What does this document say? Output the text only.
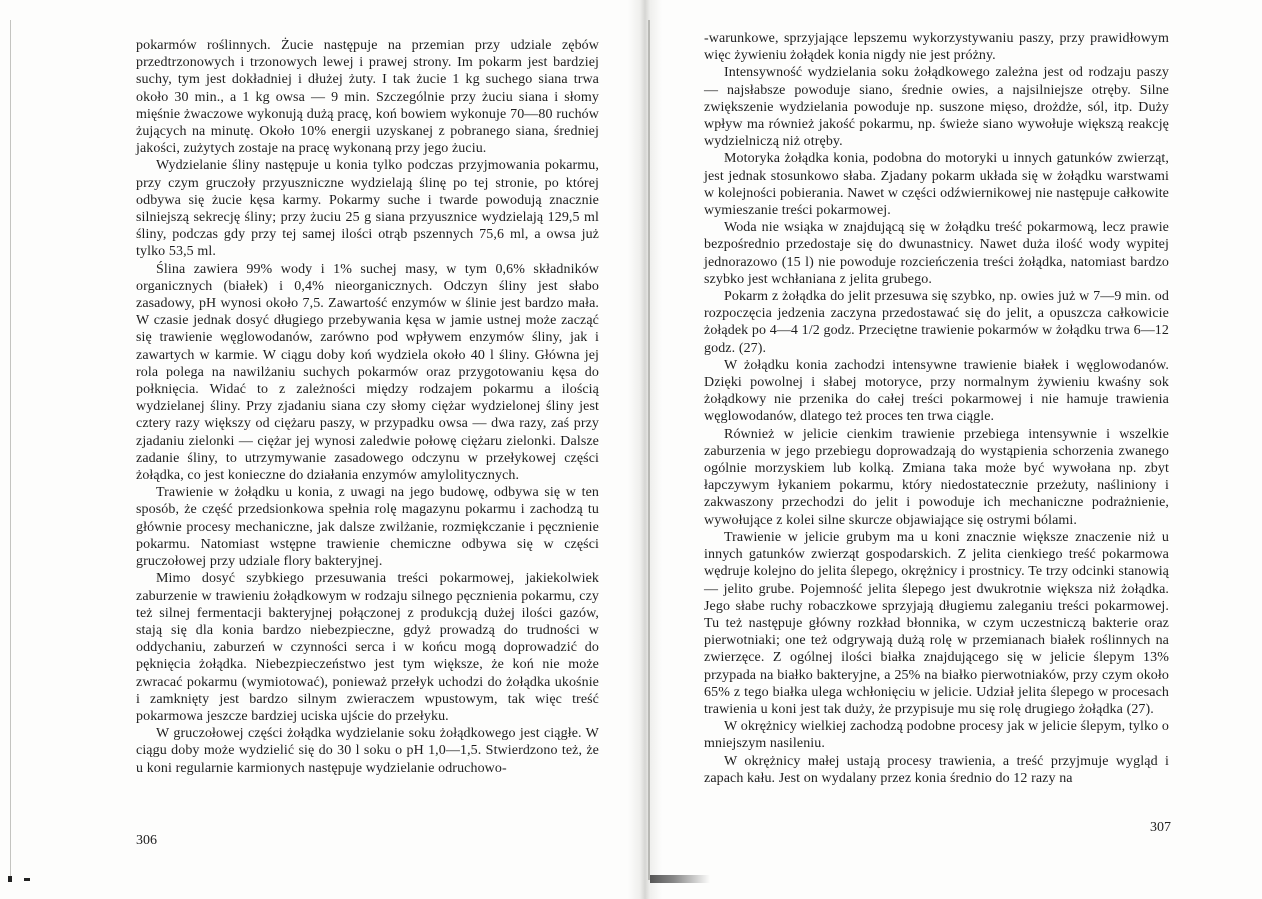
pokarmów roślinnych. Żucie następuje na przemian przy udziale zębów przedtrzonowych i trzonowych lewej i prawej strony. Im pokarm jest bardziej suchy, tym jest dokładniej i dłużej żuty. I tak żucie 1 kg suchego siana trwa około 30 min., a 1 kg owsa — 9 min. Szczególnie przy żuciu siana i słomy mięśnie żwaczowe wykonują dużą pracę, koń bowiem wykonuje 70—80 ruchów żujących na minutę. Około 10% energii uzyskanej z pobranego siana, średniej jakości, zużytych zostaje na pracę wykonaną przy jego żuciu.

Wydzielanie śliny następuje u konia tylko podczas przyjmowania pokarmu, przy czym gruczoły przyuszniczne wydzielają ślinę po tej stronie, po której odbywa się żucie kęsa karmy. Pokarmy suche i twarde powodują znacznie silniejszą sekrecję śliny; przy żuciu 25 g siana przyusznice wydzielają 129,5 ml śliny, podczas gdy przy tej samej ilości otrąb pszennych 75,6 ml, a owsa już tylko 53,5 ml.

Ślina zawiera 99% wody i 1% suchej masy, w tym 0,6% składników organicznych (białek) i 0,4% nieorganicznych. Odczyn śliny jest słabo zasadowy, pH wynosi około 7,5. Zawartość enzymów w ślinie jest bardzo mała. W czasie jednak dosyć długiego przebywania kęsa w jamie ustnej może zacząć się trawienie węglowodanów, zarówno pod wpływem enzymów śliny, jak i zawartych w karmie. W ciągu doby koń wydziela około 40 l śliny. Główna jej rola polega na nawilżaniu suchych pokarmów oraz przygotowaniu kęsa do połknięcia. Widać to z zależności między rodzajem pokarmu a ilością wydzielanej śliny. Przy zjadaniu siana czy słomy ciężar wydzielonej śliny jest cztery razy większy od ciężaru paszy, w przypadku owsa — dwa razy, zaś przy zjadaniu zielonki — ciężar jej wynosi zaledwie połowę ciężaru zielonki. Dalsze zadanie śliny, to utrzymywanie zasadowego odczynu w przełykowej części żołądka, co jest konieczne do działania enzymów amylolitycznych.

Trawienie w żołądku u konia, z uwagi na jego budowę, odbywa się w ten sposób, że część przedsionkowa spełnia rolę magazynu pokarmu i zachodzą tu głównie procesy mechaniczne, jak dalsze zwilżanie, rozmiękczanie i pęcznienie pokarmu. Natomiast wstępne trawienie chemiczne odbywa się w części gruczołowej przy udziale flory bakteryjnej.

Mimo dosyć szybkiego przesuwania treści pokarmowej, jakiekolwiek zaburzenie w trawieniu żołądkowym w rodzaju silnego pęcznienia pokarmu, czy też silnej fermentacji bakteryjnej połączonej z produkcją dużej ilości gazów, stają się dla konia bardzo niebezpieczne, gdyż prowadzą do trudności w oddychaniu, zaburzeń w czynności serca i w końcu mogą doprowadzić do pęknięcia żołądka. Niebezpieczeństwo jest tym większe, że koń nie może zwracać pokarmu (wymiotować), ponieważ przełyk uchodzi do żołądka ukośnie i zamknięty jest bardzo silnym zwieraczem wpustowym, tak więc treść pokarmowa jeszcze bardziej uciska ujście do przełyku.

W gruczołowej części żołądka wydzielanie soku żołądkowego jest ciągłe. W ciągu doby może wydzielić się do 30 l soku o pH 1,0—1,5. Stwierdzono też, że u koni regularnie karmionych następuje wydzielanie odruchowo-

306

-warunkowe, sprzyjające lepszemu wykorzystywaniu paszy, przy prawidłowym więc żywieniu żołądek konia nigdy nie jest próżny.

Intensywność wydzielania soku żołądkowego zależna jest od rodzaju paszy — najsłabsze powoduje siano, średnie owies, a najsilniejsze otręby. Silne zwiększenie wydzielania powoduje np. suszone mięso, drożdże, sól, itp. Duży wpływ ma również jakość pokarmu, np. świeże siano wywołuje większą reakcję wydzielniczą niż otręby.

Motoryka żołądka konia, podobna do motoryki u innych gatunków zwierząt, jest jednak stosunkowo słaba. Zjadany pokarm układa się w żołądku warstwami w kolejności pobierania. Nawet w części odźwiernikowej nie następuje całkowite wymieszanie treści pokarmowej.

Woda nie wsiąka w znajdującą się w żołądku treść pokarmową, lecz prawie bezpośrednio przedostaje się do dwunastnicy. Nawet duża ilość wody wypitej jednorazowo (15 l) nie powoduje rozcieńczenia treści żołądka, natomiast bardzo szybko jest wchłaniana z jelita grubego.

Pokarm z żołądka do jelit przesuwa się szybko, np. owies już w 7—9 min. od rozpoczęcia jedzenia zaczyna przedostawać się do jelit, a opuszcza całkowicie żołądek po 4—4 1/2 godz. Przeciętne trawienie pokarmów w żołądku trwa 6—12 godz. (27).

W żołądku konia zachodzi intensywne trawienie białek i węglowodanów. Dzięki powolnej i słabej motoryce, przy normalnym żywieniu kwaśny sok żołądkowy nie przenika do całej treści pokarmowej i nie hamuje trawienia węglowodanów, dlatego też proces ten trwa ciągle.

Również w jelicie cienkim trawienie przebiega intensywnie i wszelkie zaburzenia w jego przebiegu doprowadzają do wystąpienia schorzenia zwanego ogólnie morzyskiem lub kolką. Zmiana taka może być wywołana np. zbyt łapczywym łykaniem pokarmu, który niedostatecznie przeżuty, naśliniony i zakwaszony przechodzi do jelit i powoduje ich mechaniczne podrażnienie, wywołujące z kolei silne skurcze objawiające się ostrymi bólami.

Trawienie w jelicie grubym ma u koni znacznie większe znaczenie niż u innych gatunków zwierząt gospodarskich. Z jelita cienkiego treść pokarmowa wędruje kolejno do jelita ślepego, okrężnicy i prostnicy. Te trzy odcinki stanowią — jelito grube. Pojemność jelita ślepego jest dwukrotnie większa niż żołądka. Jego słabe ruchy robaczkowe sprzyjają długiemu zaleganiu treści pokarmowej. Tu też następuje główny rozkład błonnika, w czym uczestniczą bakterie oraz pierwotniaki; one też odgrywają dużą rolę w przemianach białek roślinnych na zwierzęce. Z ogólnej ilości białka znajdującego się w jelicie ślepym 13% przypada na białko bakteryjne, a 25% na białko pierwotniaków, przy czym około 65% z tego białka ulega wchłonięciu w jelicie. Udział jelita ślepego w procesach trawienia u koni jest tak duży, że przypisuje mu się rolę drugiego żołądka (27).

W okrężnicy wielkiej zachodzą podobne procesy jak w jelicie ślepym, tylko o mniejszym nasileniu.

W okrężnicy małej ustają procesy trawienia, a treść przyjmuje wygląd i zapach kału. Jest on wydalany przez konia średnio do 12 razy na

307
